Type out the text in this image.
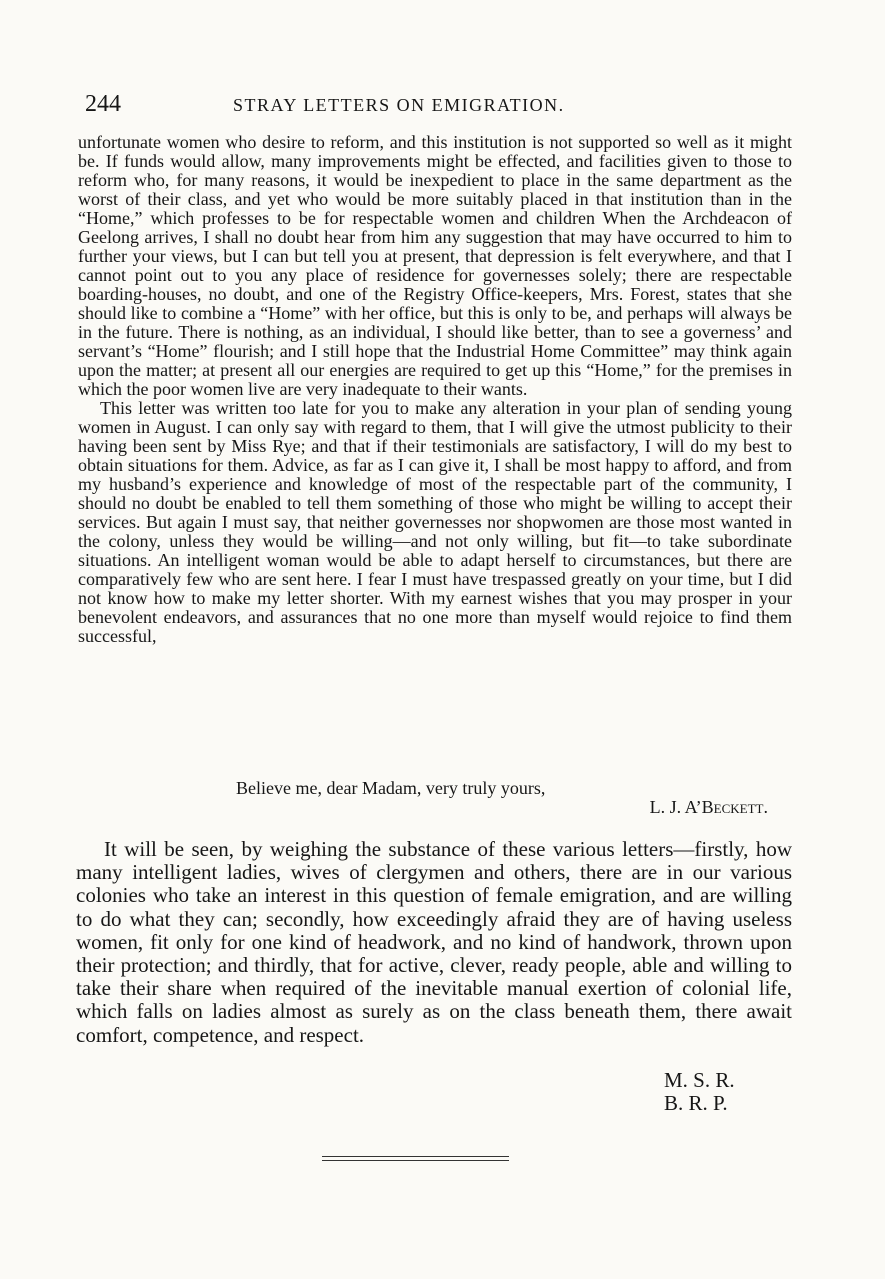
244	STRAY LETTERS ON EMIGRATION.

unfortunate women who desire to reform, and this institution is not supported so well as it might be. If funds would allow, many improvements might be effected, and facilities given to those to reform who, for many reasons, it would be inexpedient to place in the same department as the worst of their class, and yet who would be more suitably placed in that institution than in the “Home,” which professes to be for respectable women and children When the Archdeacon of Geelong arrives, I shall no doubt hear from him any suggestion that may have occurred to him to further your views, but I can but tell you at present, that depression is felt everywhere, and that I cannot point out to you any place of residence for governesses solely; there are respectable boarding-houses, no doubt, and one of the Registry Office-keepers, Mrs. Forest, states that she should like to combine a “Home” with her office, but this is only to be, and perhaps will always be in the future. There is nothing, as an individual, I should like better, than to see a governess’ and servant’s “Home” flourish; and I still hope that the Industrial Home Committee” may think again upon the matter; at present all our energies are required to get up this “Home,” for the premises in which the poor women live are very inadequate to their wants.

This letter was written too late for you to make any alteration in your plan of sending young women in August. I can only say with regard to them, that I will give the utmost publicity to their having been sent by Miss Rye; and that if their testimonials are satisfactory, I will do my best to obtain situations for them. Advice, as far as I can give it, I shall be most happy to afford, and from my husband’s experience and knowledge of most of the respectable part of the community, I should no doubt be enabled to tell them something of those who might be willing to accept their services. But again I must say, that neither governesses nor shopwomen are those most wanted in the colony, unless they would be willing—and not only willing, but fit—to take subordinate situations. An intelligent woman would be able to adapt herself to circumstances, but there are comparatively few who are sent here. I fear I must have trespassed greatly on your time, but I did not know how to make my letter shorter. With my earnest wishes that you may prosper in your benevolent endeavors, and assurances that no one more than myself would rejoice to find them successful,

Believe me, dear Madam, very truly yours,
L. J. A’Beckett.

It will be seen, by weighing the substance of these various letters—firstly, how many intelligent ladies, wives of clergymen and others, there are in our various colonies who take an interest in this question of female emigration, and are willing to do what they can; secondly, how exceedingly afraid they are of having useless women, fit only for one kind of headwork, and no kind of handwork, thrown upon their protection; and thirdly, that for active, clever, ready people, able and willing to take their share when required of the inevitable manual exertion of colonial life, which falls on ladies almost as surely as on the class beneath them, there await comfort, competence, and respect.

M. S. R.
B. R. P.
